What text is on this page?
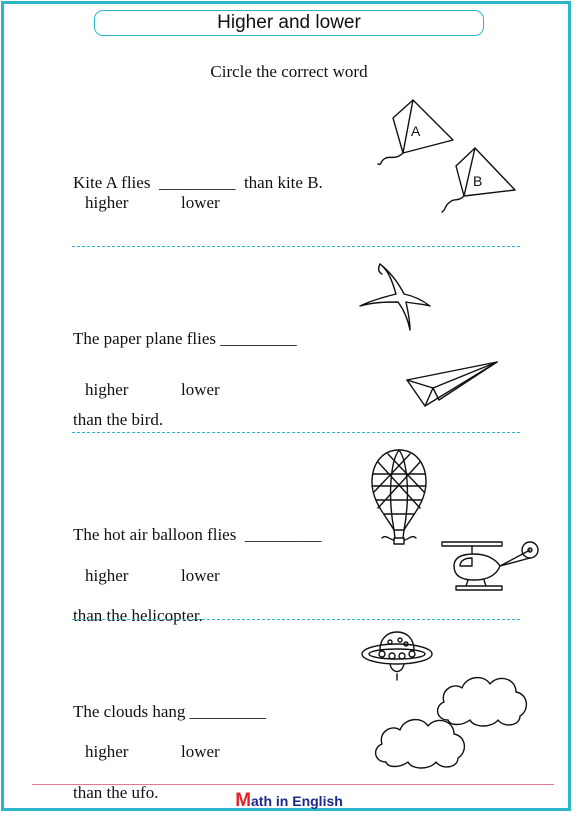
Higher and lower
Circle the correct word

Kite A flies  _________  than kite B.

higher	lower
A
B

The paper plane flies _________

than the bird.

higher	lower

The hot air balloon flies  _________

than the helicopter.

higher	lower

The clouds hang _________

than the ufo.

higher	lower
Math in English
